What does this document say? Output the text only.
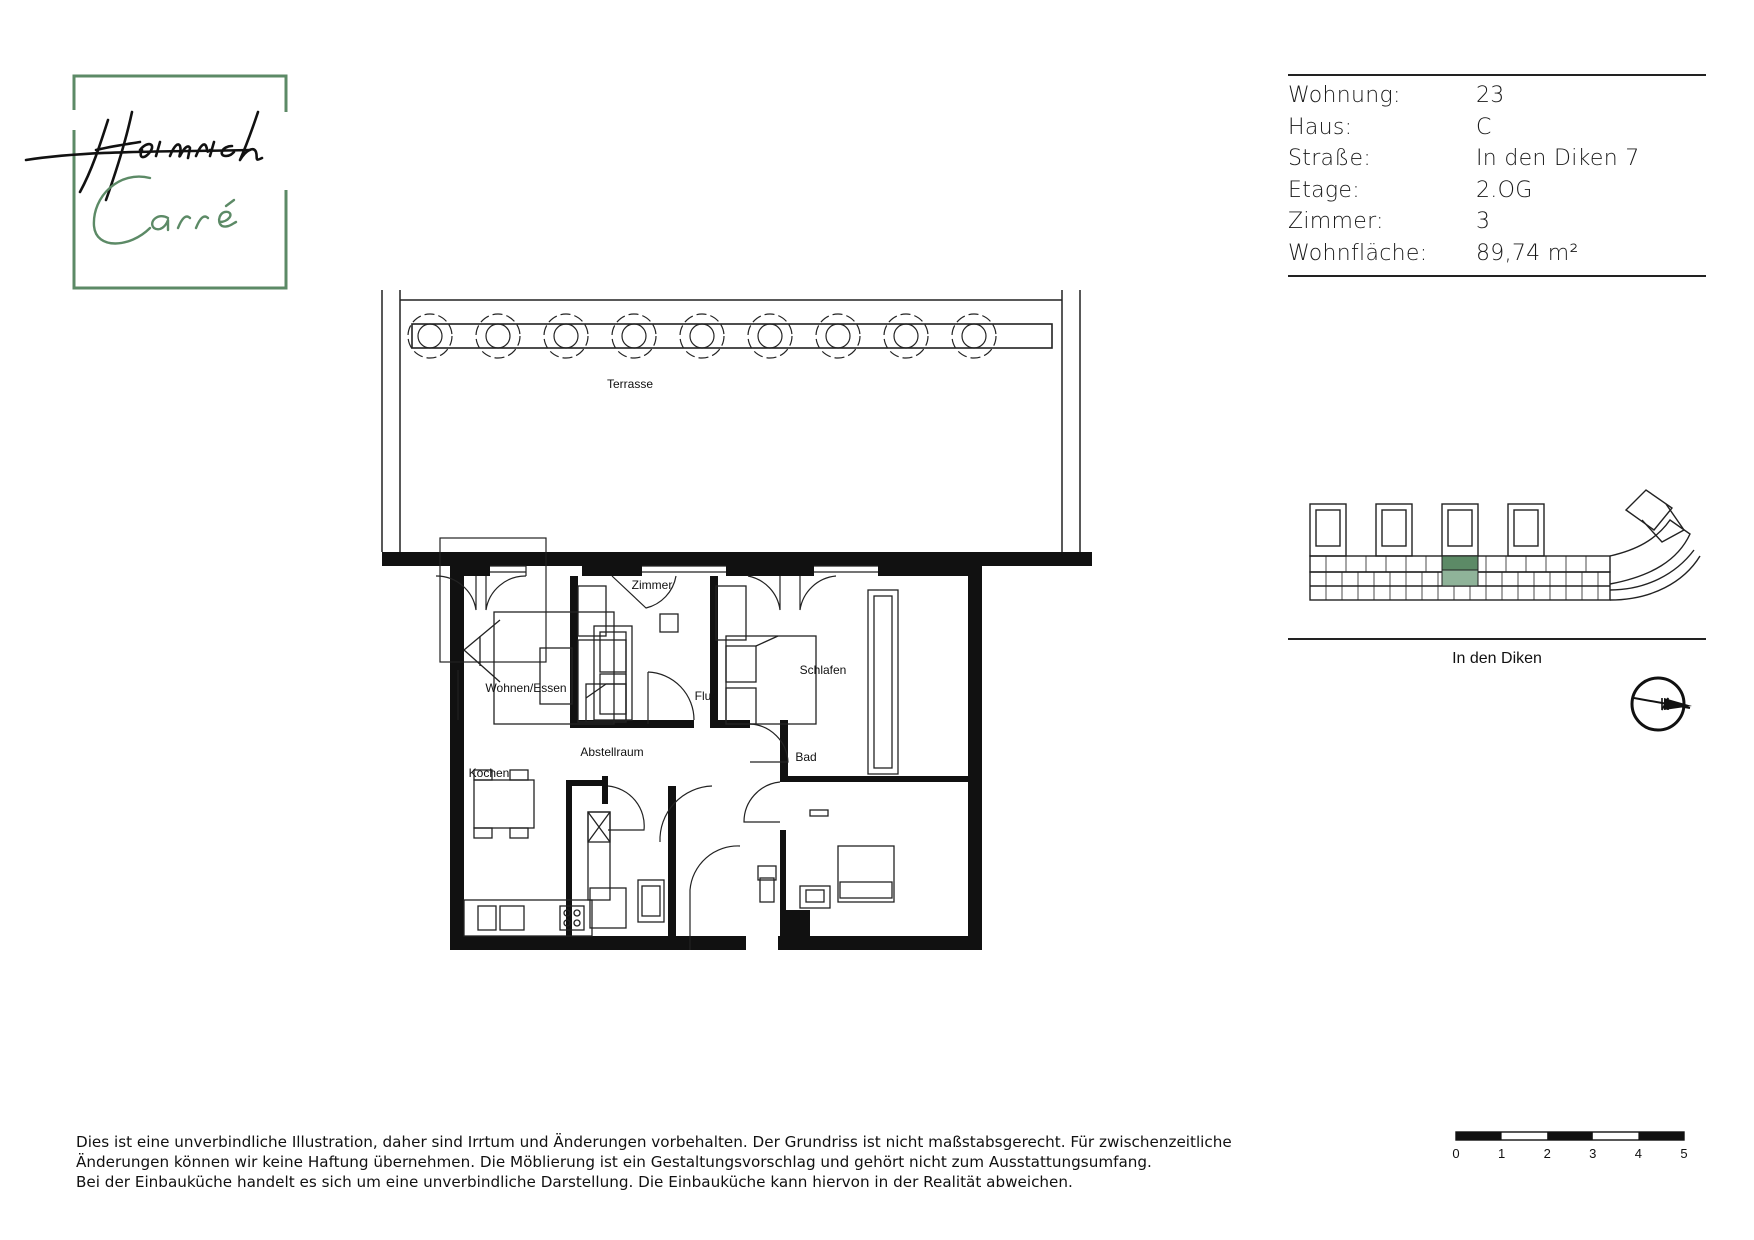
Wohnung:	23
Haus:	C
Straße:	In den Diken 7
Etage:	2.OG
Zimmer:	3
Wohnfläche:	89,74 m²
In den Diken
Terrasse
Wohnen/Essen
Kochen
Abstellraum
Zimmer
Flur
Schlafen
Bad
Dies ist eine unverbindliche Illustration, daher sind Irrtum und Änderungen vorbehalten. Der Grundriss ist nicht maßstabsgerecht. Für zwischenzeitliche
Änderungen können wir keine Haftung übernehmen. Die Möblierung ist ein Gestaltungsvorschlag und gehört nicht zum Ausstattungsumfang.
Bei der Einbauküche handelt es sich um eine unverbindliche Darstellung. Die Einbauküche kann hiervon in der Realität abweichen.
0	1	2	3	4	5
